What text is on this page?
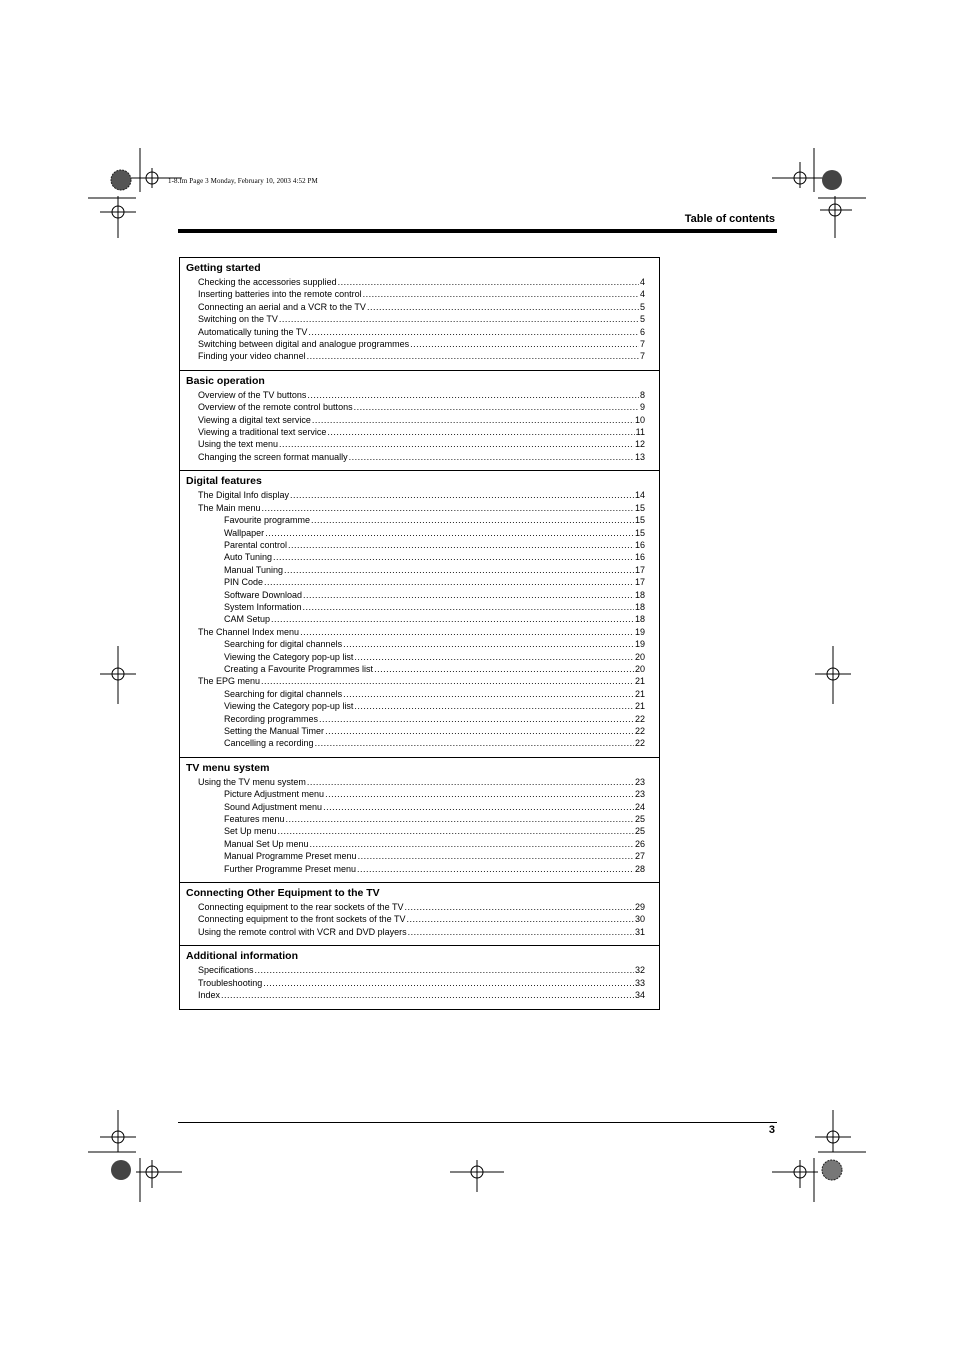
1-8.fm Page 3 Monday, February 10, 2003 4:52 PM
Table of contents
Getting started
Checking the accessories supplied .....	4
Inserting batteries into the remote control .....	4
Connecting an aerial and a VCR to the TV .....	5
Switching on the TV .....	5
Automatically tuning the TV .....	6
Switching between digital and analogue programmes .....	7
Finding your video channel .....	7
Basic operation
Overview of the TV buttons .....	8
Overview of the remote control buttons .....	9
Viewing a digital text service .....	10
Viewing a traditional text service .....	11
Using the text menu .....	12
Changing the screen format manually .....	13
Digital features
The Digital Info display .....	14
The Main menu .....	15
Favourite programme .....	15
Wallpaper .....	15
Parental control .....	16
Auto Tuning .....	16
Manual Tuning .....	17
PIN Code .....	17
Software Download .....	18
System Information .....	18
CAM Setup .....	18
The Channel Index menu .....	19
Searching for digital channels .....	19
Viewing the Category pop-up list .....	20
Creating a Favourite Programmes list .....	20
The EPG menu .....	21
Searching for digital channels .....	21
Viewing the Category pop-up list .....	21
Recording programmes .....	22
Setting the Manual Timer .....	22
Cancelling a recording .....	22
TV menu system
Using the TV menu system .....	23
Picture Adjustment menu .....	23
Sound Adjustment menu .....	24
Features menu .....	25
Set Up menu .....	25
Manual Set Up menu .....	26
Manual Programme Preset menu .....	27
Further Programme Preset menu .....	28
Connecting Other Equipment to the TV
Connecting equipment to the rear sockets of the TV .....	29
Connecting equipment to the front sockets of the TV .....	30
Using the remote control with VCR and DVD players .....	31
Additional information
Specifications .....	32
Troubleshooting .....	33
Index .....	34
3
